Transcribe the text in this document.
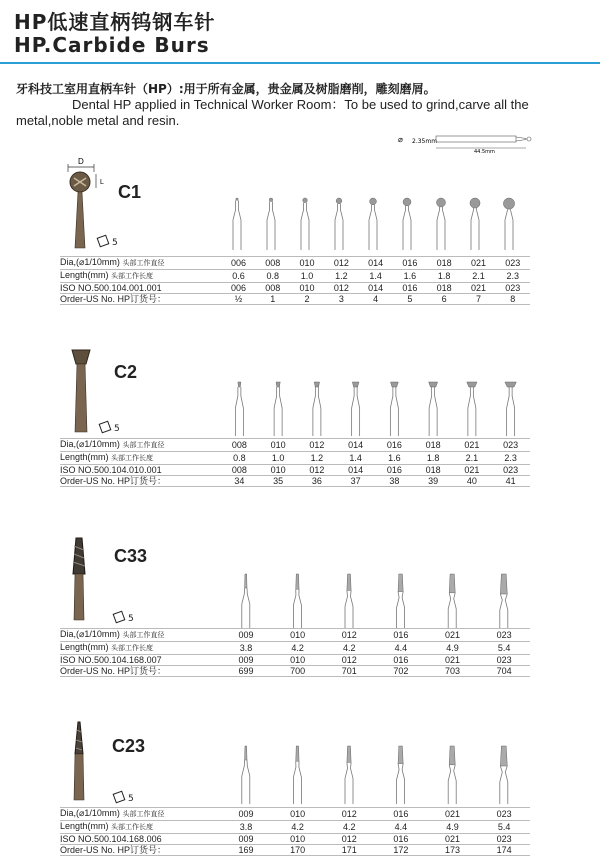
HP低速直柄钨钢车针
HP.Carbide Burs
牙科技工室用直柄车针（HP）:用于所有金属，贵金属及树脂磨削，雕刻磨屑。
Dental HP applied in Technical Worker Room：To be used to grind,carve all the metal,noble metal and resin.
⌀ 2.35mm
44.5mm
D
L C1
5
Dia,(⌀1/10mm) 头部工作直径	006	008	010	012	014	016	018	021	023
Length(mm) 头部工作长度	0.6	0.8	1.0	1.2	1.4	1.6	1.8	2.1	2.3
ISO NO.500.104.001.001	006	008	010	012	014	016	018	021	023
Order-US No. HP订货号：	½	1	2	3	4	5	6	7	8
C2
5
Dia,(⌀1/10mm) 头部工作直径	008	010	012	014	016	018	021	023
Length(mm) 头部工作长度	0.8	1.0	1.2	1.4	1.6	1.8	2.1	2.3
ISO NO.500.104.010.001	008	010	012	014	016	018	021	023
Order-US No. HP订货号：	34	35	36	37	38	39	40	41
C33
5
Dia,(⌀1/10mm) 头部工作直径	009	010	012	016	021	023
Length(mm) 头部工作长度	3.8	4.2	4.2	4.4	4.9	5.4
ISO NO.500.104.168.007	009	010	012	016	021	023
Order-US No. HP订货号：	699	700	701	702	703	704
C23
5
Dia,(⌀1/10mm) 头部工作直径	009	010	012	016	021	023
Length(mm) 头部工作长度	3.8	4.2	4.2	4.4	4.9	5.4
ISO NO.500.104.168.006	009	010	012	016	021	023
Order-US No. HP订货号：	169	170	171	172	173	174
